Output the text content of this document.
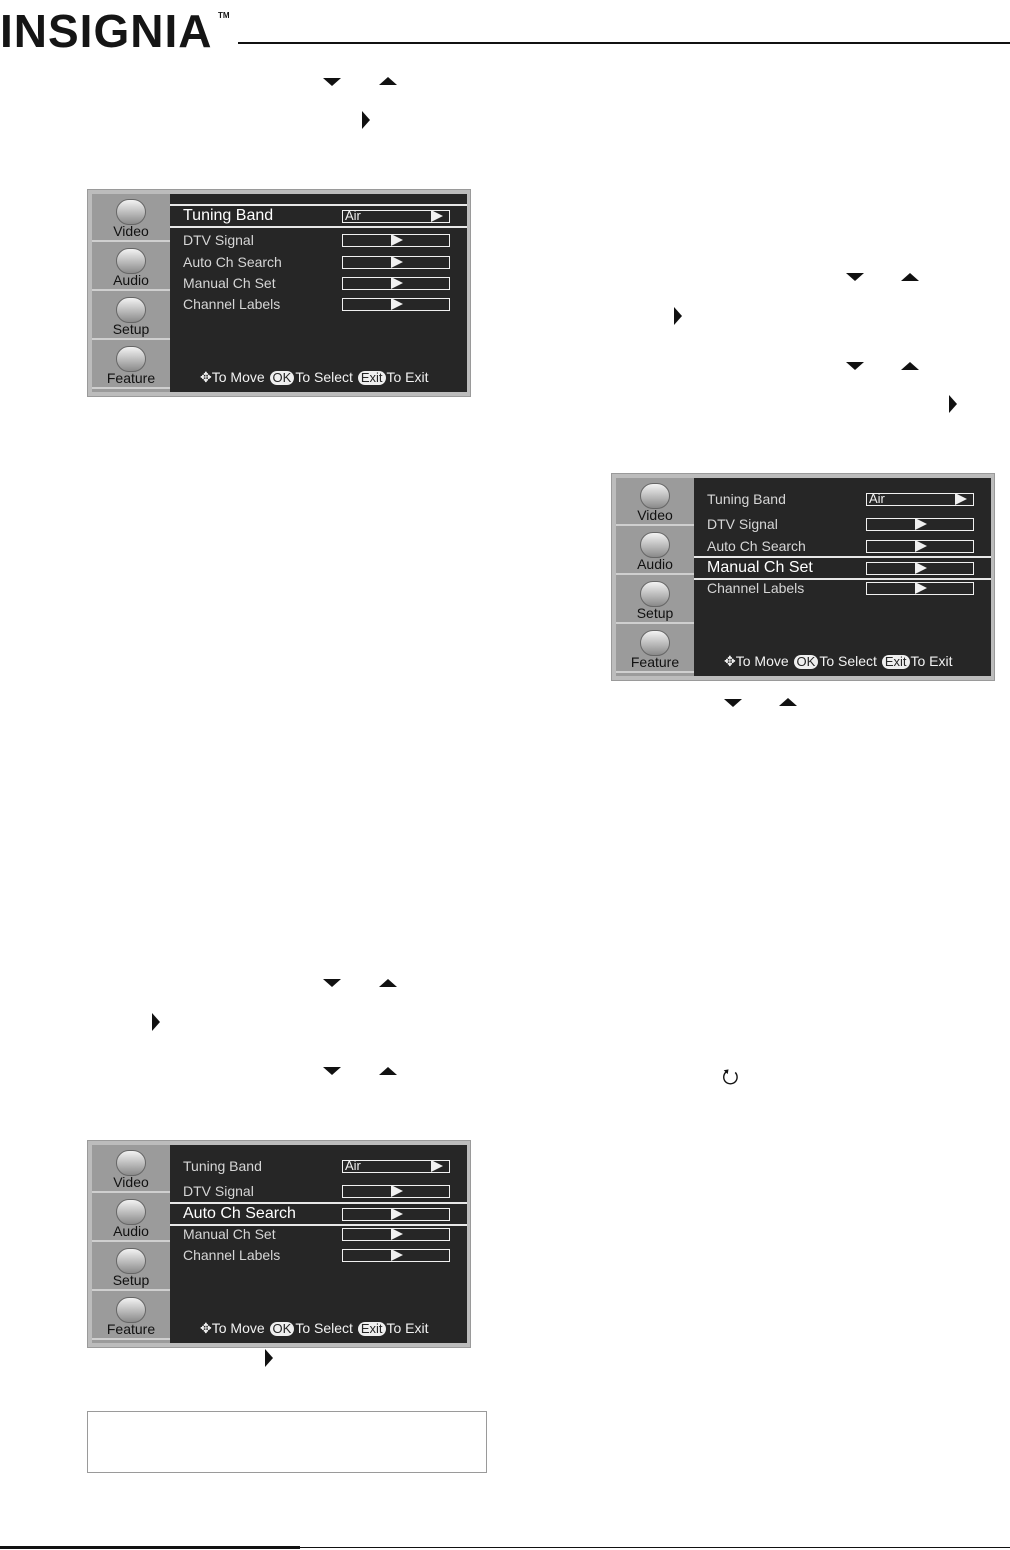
INSIGNIA TM
Video
Audio
Setup
Feature
Tuning Band	Air
DTV Signal
Auto Ch Search
Manual Ch Set
Channel Labels
✥To Move OK To Select Exit To Exit
Video
Audio
Setup
Feature
Tuning Band	Air
DTV Signal
Auto Ch Search
Manual Ch Set
Channel Labels
✥To Move OK To Select Exit To Exit
⭮
Video
Audio
Setup
Feature
Tuning Band	Air
DTV Signal
Auto Ch Search
Manual Ch Set
Channel Labels
✥To Move OK To Select Exit To Exit
